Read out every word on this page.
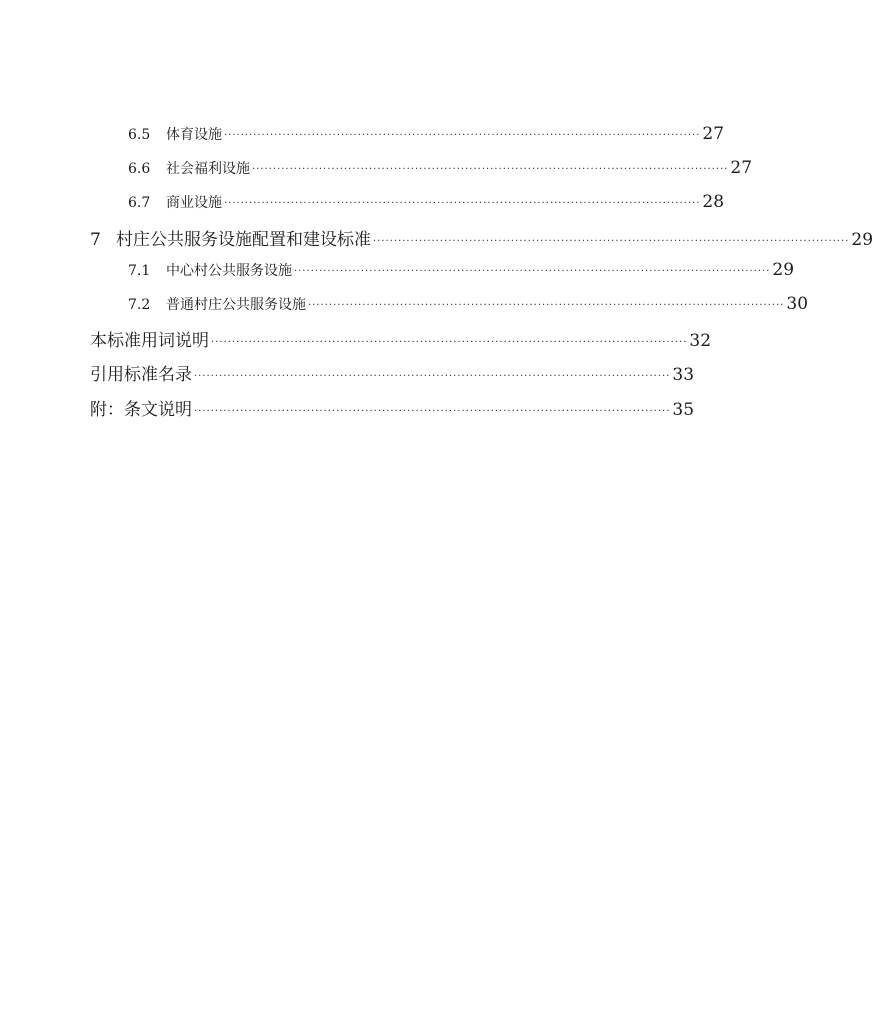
6.5	体育设施 ·················································································································· 27
6.6	社会福利设施 ·················································································································· 27
6.7	商业设施 ·················································································································· 28
7 村庄公共服务设施配置和建设标准 ·················································································································· 29
7.1	中心村公共服务设施 ·················································································································· 29
7.2	普通村庄公共服务设施 ·················································································································· 30
本标准用词说明 ·················································································································· 32
引用标准名录 ·················································································································· 33
附：条文说明 ·················································································································· 35
